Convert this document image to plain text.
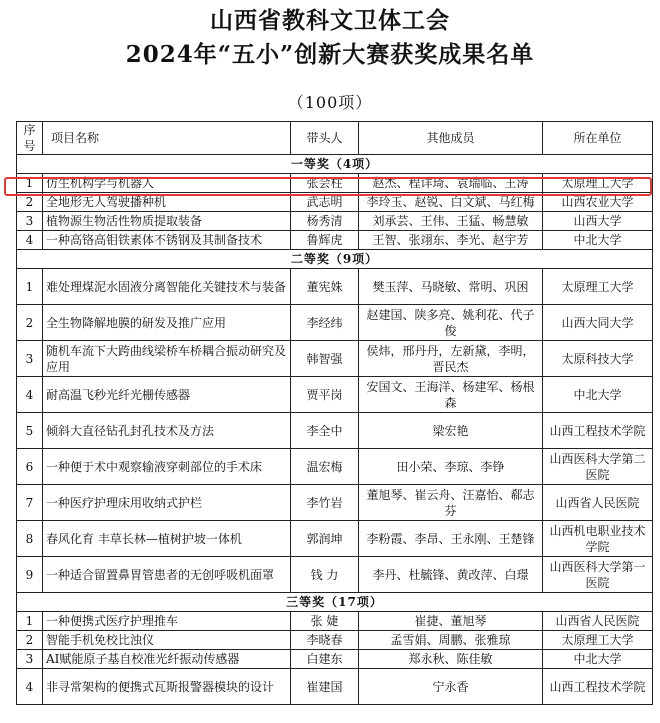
山西省教科文卫体工会
2024年“五小”创新大赛获奖成果名单
（100项）
序号	项目名称	带头人	其他成员	所在单位
一等奖（4项）				
1	仿生机构学与机器人	张会柱	赵杰、程详琦、袁瑞临、王涛	太原理工大学
2	全地形无人驾驶播种机	武志明	李玲玉、赵锐、白文斌、马红梅	山西农业大学
3	植物源生物活性物质提取装备	杨秀清	刘承芸、王伟、王猛、畅慧敏	山西大学
4	一种高铬高钼铁素体不锈钢及其制备技术	鲁辉虎	王智、张翊东、李光、赵宇芳	中北大学
二等奖（9项）				
1	难处理煤泥水固液分离智能化关键技术与装备	董宪姝	樊玉萍、马晓敏、常明、巩困	太原理工大学
2	全生物降解地膜的研发及推广应用	李经纬	赵建国、陕多亮、姚利花、代子俊	山西大同大学
3	随机车流下大跨曲线梁桥车桥耦合振动研究及应用	韩智强	侯炜，邢丹丹，左新黛，李明，晋民杰	太原科技大学
4	耐高温飞秒光纤光栅传感器	贾平岗	安国文、王海洋、杨建军、杨根森	中北大学
5	倾斜大直径钻孔封孔技术及方法	李全中	梁宏艳	山西工程技术学院
6	一种便于术中观察输液穿刺部位的手术床	温宏梅	田小荣、李琼、李铮	山西医科大学第二医院
7	一种医疗护理床用收纳式护栏	李竹岩	董旭琴、崔云舟、汪嘉怡、郗志芬	山西省人民医院
8	春风化育 丰草长林—植树护坡一体机	郭润坤	李粉霞、李昂、王永刚、王楚锋	山西机电职业技术学院
9	一种适合留置鼻胃管患者的无创呼吸机面罩	钱 力	李丹、杜毓锋、黄改萍、白璟	山西医科大学第一医院
三等奖（17项）				
1	一种便携式医疗护理推车	张 婕	崔捷、董旭琴	山西省人民医院
2	智能手机免校比浊仪	李晓春	孟雪娟、周鹏、张雅琼	太原理工大学
3	AI赋能原子基自校准光纤振动传感器	白建东	郑永秋、陈佳敏	中北大学
4	非寻常架构的便携式瓦斯报警器模块的设计	崔建国	宁永香	山西工程技术学院
